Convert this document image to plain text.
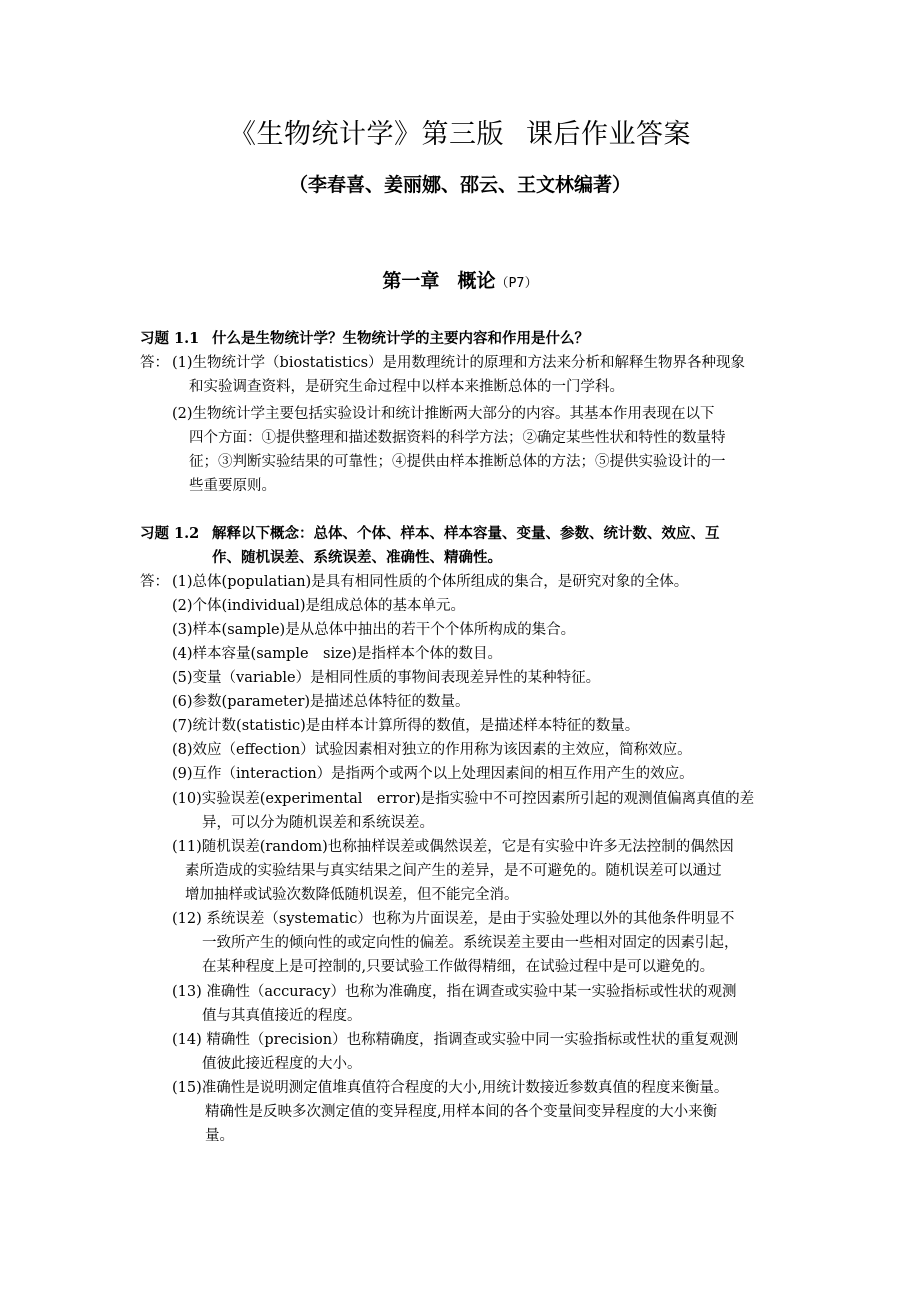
《生物统计学》第三版 课后作业答案
（李春喜、姜丽娜、邵云、王文林编著）
第一章 概论（P7）
习题 1.1 什么是生物统计学？生物统计学的主要内容和作用是什么？
答： (1)生物统计学（biostatistics）是用数理统计的原理和方法来分析和解释生物界各种现象
和实验调查资料，是研究生命过程中以样本来推断总体的一门学科。
(2)生物统计学主要包括实验设计和统计推断两大部分的内容。其基本作用表现在以下
四个方面：①提供整理和描述数据资料的科学方法；②确定某些性状和特性的数量特
征；③判断实验结果的可靠性；④提供由样本推断总体的方法；⑤提供实验设计的一
些重要原则。
习题 1.2 解释以下概念：总体、个体、样本、样本容量、变量、参数、统计数、效应、互
作、随机误差、系统误差、准确性、精确性。
答： (1)总体(populatian)是具有相同性质的个体所组成的集合，是研究对象的全体。
(2)个体(individual)是组成总体的基本单元。
(3)样本(sample)是从总体中抽出的若干个个体所构成的集合。
(4)样本容量(sample　size)是指样本个体的数目。
(5)变量（variable）是相同性质的事物间表现差异性的某种特征。
(6)参数(parameter)是描述总体特征的数量。
(7)统计数(statistic)是由样本计算所得的数值，是描述样本特征的数量。
(8)效应（effection）试验因素相对独立的作用称为该因素的主效应，简称效应。
(9)互作（interaction）是指两个或两个以上处理因素间的相互作用产生的效应。
(10)实验误差(experimental　error)是指实验中不可控因素所引起的观测值偏离真值的差
异，可以分为随机误差和系统误差。
(11)随机误差(random)也称抽样误差或偶然误差，它是有实验中许多无法控制的偶然因
素所造成的实验结果与真实结果之间产生的差异，是不可避免的。随机误差可以通过
增加抽样或试验次数降低随机误差，但不能完全消。
(12) 系统误差（systematic）也称为片面误差，是由于实验处理以外的其他条件明显不
一致所产生的倾向性的或定向性的偏差。系统误差主要由一些相对固定的因素引起，
在某种程度上是可控制的,只要试验工作做得精细，在试验过程中是可以避免的。
(13) 准确性（accuracy）也称为准确度，指在调查或实验中某一实验指标或性状的观测
值与其真值接近的程度。
(14) 精确性（precision）也称精确度，指调查或实验中同一实验指标或性状的重复观测
值彼此接近程度的大小。
(15)准确性是说明测定值堆真值符合程度的大小,用统计数接近参数真值的程度来衡量。
精确性是反映多次测定值的变异程度,用样本间的各个变量间变异程度的大小来衡
量。
